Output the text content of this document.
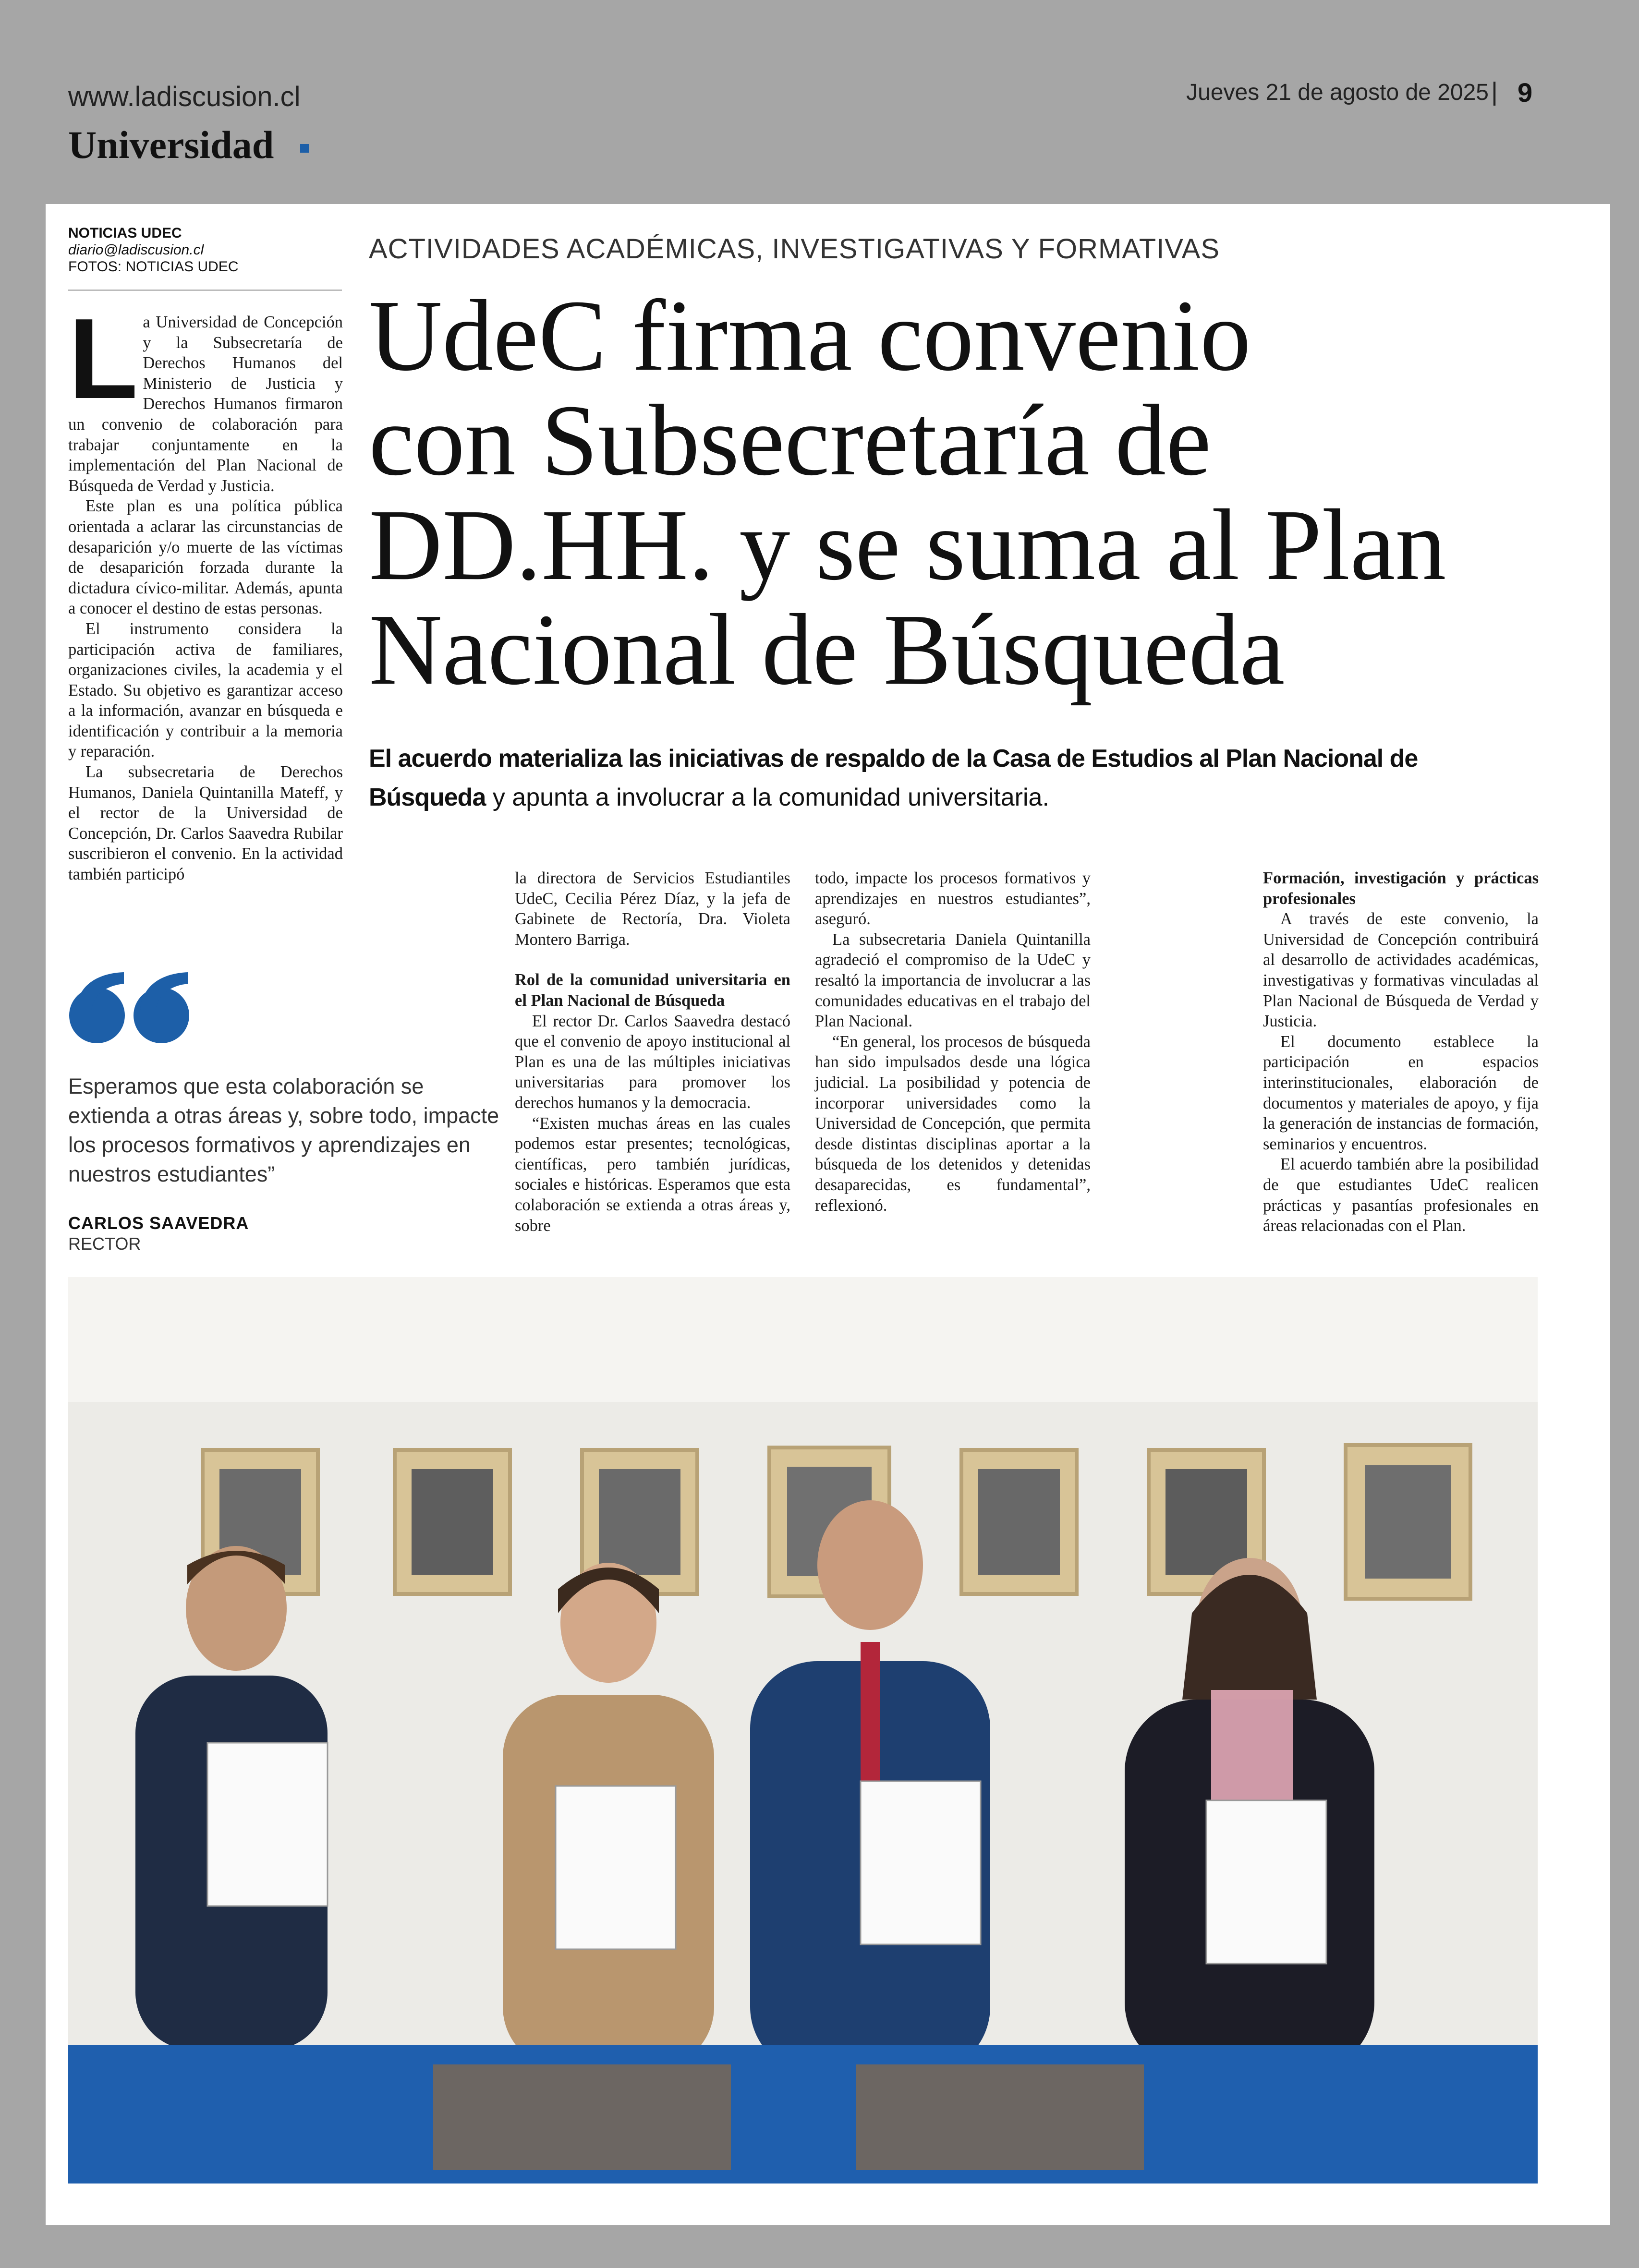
www.ladiscusion.cl	Jueves 21 de agosto de 2025 | 9
Universidad
NOTICIAS UDEC
diario@ladiscusion.cl
FOTOS: NOTICIAS UDEC

La Universidad de Concepción y la Subsecretaría de Derechos Humanos del Ministerio de Justicia y Derechos Humanos firmaron un convenio de colaboración para trabajar conjuntamente en la implementación del Plan Nacional de Búsqueda de Verdad y Justicia.

Este plan es una política pública orientada a aclarar las circunstancias de desaparición y/o muerte de las víctimas de desaparición forzada durante la dictadura cívico-militar. Además, apunta a conocer el destino de estas personas.

El instrumento considera la participación activa de familiares, organizaciones civiles, la academia y el Estado. Su objetivo es garantizar acceso a la información, avanzar en búsqueda e identificación y contribuir a la memoria y reparación.

La subsecretaria de Derechos Humanos, Daniela Quintanilla Mateff, y el rector de la Universidad de Concepción, Dr. Carlos Saavedra Rubilar suscribieron el convenio. En la actividad también participó

Esperamos que esta colaboración se extienda a otras áreas y, sobre todo, impacte los procesos formativos y aprendizajes en nuestros estudiantes”
CARLOS SAAVEDRA
RECTOR
ACTIVIDADES ACADÉMICAS, INVESTIGATIVAS Y FORMATIVAS
UdeC firma convenio
con Subsecretaría de
DD.HH. y se suma al Plan
Nacional de Búsqueda
El acuerdo materializa las iniciativas de respaldo de la Casa de Estudios al Plan Nacional de Búsqueda y apunta a involucrar a la comunidad universitaria.

la directora de Servicios Estudiantiles UdeC, Cecilia Pérez Díaz, y la jefa de Gabinete de Rectoría, Dra. Violeta Montero Barriga.

Rol de la comunidad universitaria en el Plan Nacional de Búsqueda

El rector Dr. Carlos Saavedra destacó que el convenio de apoyo institucional al Plan es una de las múltiples iniciativas universitarias para promover los derechos humanos y la democracia.

“Existen muchas áreas en las cuales podemos estar presentes; tecnológicas, científicas, pero también jurídicas, sociales e históricas. Esperamos que esta colaboración se extienda a otras áreas y, sobre

todo, impacte los procesos formativos y aprendizajes en nuestros estudiantes”, aseguró.

La subsecretaria Daniela Quintanilla agradeció el compromiso de la UdeC y resaltó la importancia de involucrar a las comunidades educativas en el trabajo del Plan Nacional.

“En general, los procesos de búsqueda han sido impulsados desde una lógica judicial. La posibilidad y potencia de incorporar universidades como la Universidad de Concepción, que permita desde distintas disciplinas aportar a la búsqueda de los detenidos y detenidas desaparecidas, es fundamental”, reflexionó.

Formación, investigación y prácticas profesionales

A través de este convenio, la Universidad de Concepción contribuirá al desarrollo de actividades académicas, investigativas y formativas vinculadas al Plan Nacional de Búsqueda de Verdad y Justicia.

El documento establece la participación en espacios interinstitucionales, elaboración de documentos y materiales de apoyo, y fija la generación de instancias de formación, seminarios y encuentros.

El acuerdo también abre la posibilidad de que estudiantes UdeC realicen prácticas y pasantías profesionales en áreas relacionadas con el Plan.
